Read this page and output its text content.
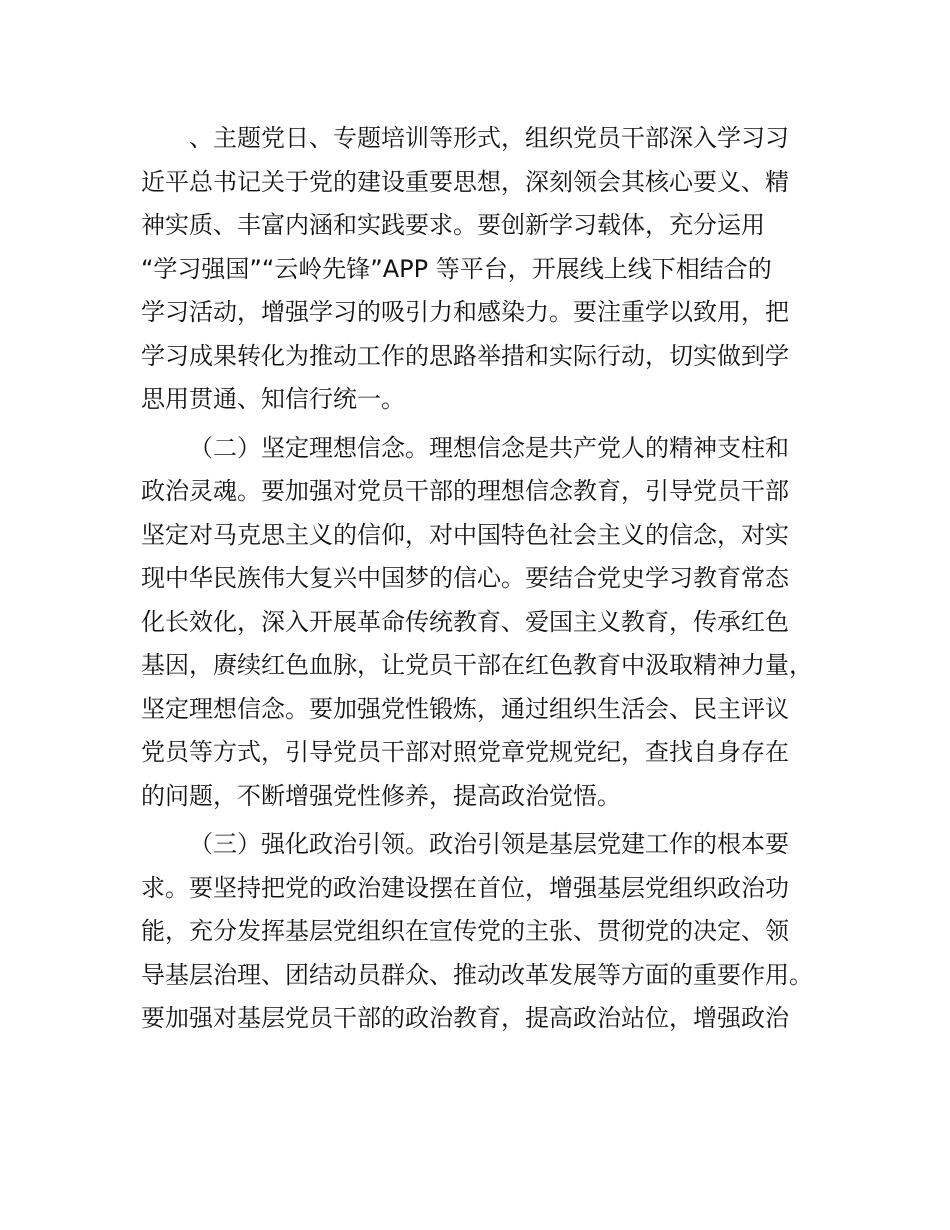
、主题党日、专题培训等形式，组织党员干部深入学习习
近平总书记关于党的建设重要思想，深刻领会其核心要义、精
神实质、丰富内涵和实践要求。要创新学习载体，充分运用
“学习强国”“云岭先锋”APP 等平台，开展线上线下相结合的
学习活动，增强学习的吸引力和感染力。要注重学以致用，把
学习成果转化为推动工作的思路举措和实际行动，切实做到学
思用贯通、知信行统一。
（二）坚定理想信念。理想信念是共产党人的精神支柱和
政治灵魂。要加强对党员干部的理想信念教育，引导党员干部
坚定对马克思主义的信仰，对中国特色社会主义的信念，对实
现中华民族伟大复兴中国梦的信心。要结合党史学习教育常态
化长效化，深入开展革命传统教育、爱国主义教育，传承红色
基因，赓续红色血脉，让党员干部在红色教育中汲取精神力量，
坚定理想信念。要加强党性锻炼，通过组织生活会、民主评议
党员等方式，引导党员干部对照党章党规党纪，查找自身存在
的问题，不断增强党性修养，提高政治觉悟。
（三）强化政治引领。政治引领是基层党建工作的根本要
求。要坚持把党的政治建设摆在首位，增强基层党组织政治功
能，充分发挥基层党组织在宣传党的主张、贯彻党的决定、领
导基层治理、团结动员群众、推动改革发展等方面的重要作用。
要加强对基层党员干部的政治教育，提高政治站位，增强政治
